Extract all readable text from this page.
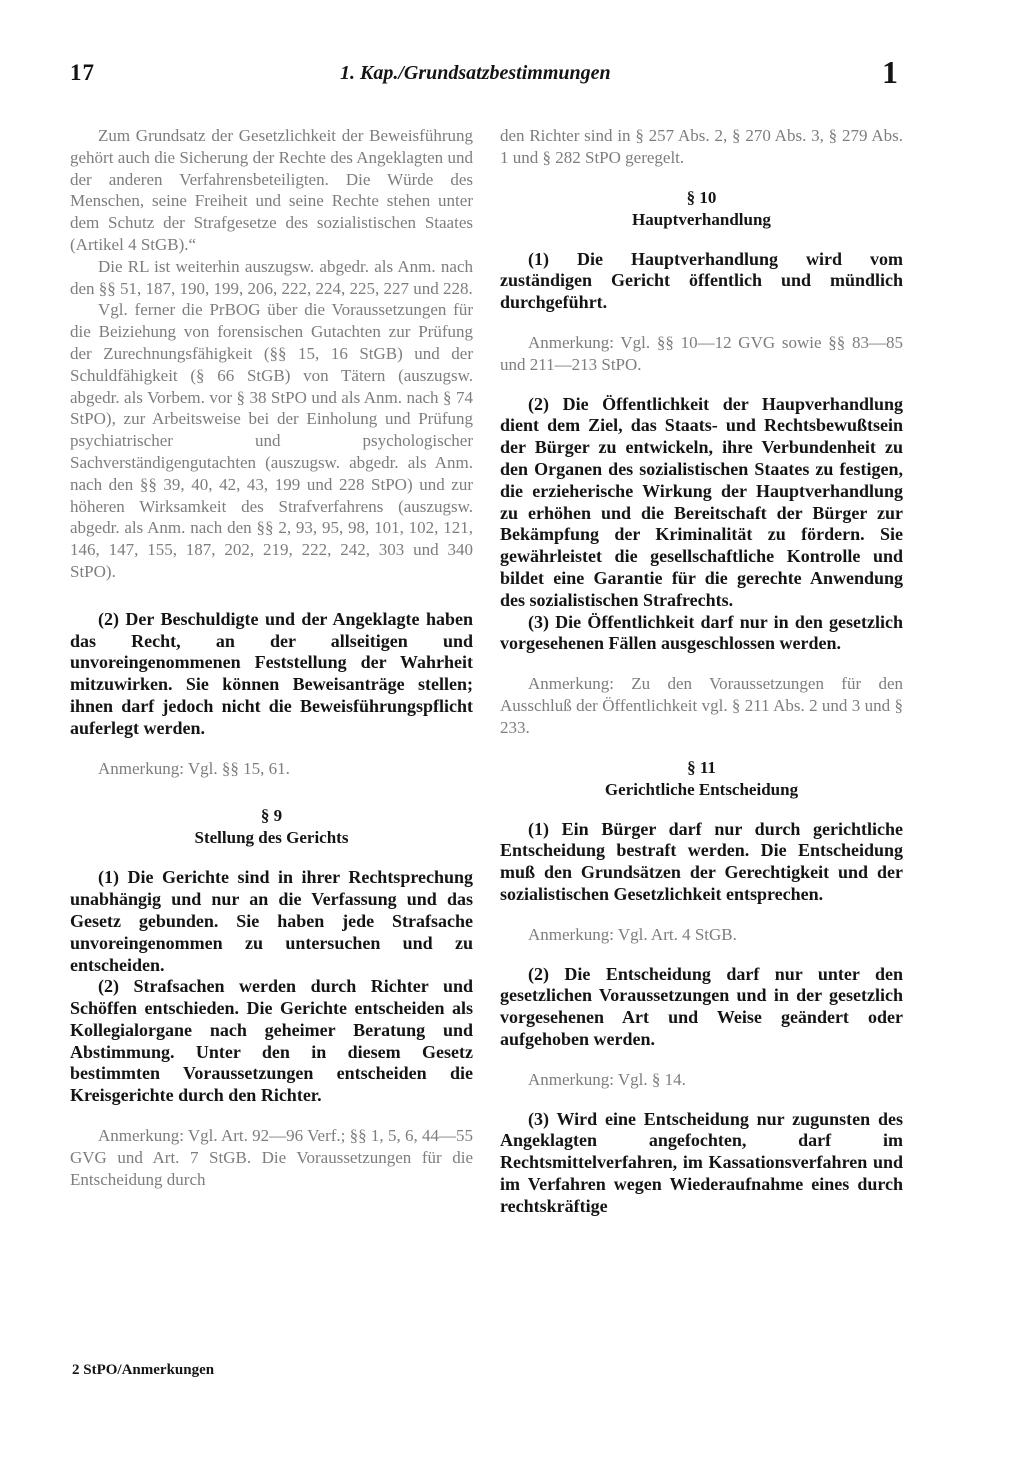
17	1. Kap./Grundsatzbestimmungen	1

Zum Grundsatz der Gesetzlichkeit der Beweisführung gehört auch die Sicherung der Rechte des Angeklagten und der anderen Verfahrensbeteiligten. Die Würde des Menschen, seine Freiheit und seine Rechte stehen unter dem Schutz der Strafgesetze des sozialistischen Staates (Artikel 4 StGB).“

Die RL ist weiterhin auszugsw. abgedr. als Anm. nach den §§ 51, 187, 190, 199, 206, 222, 224, 225, 227 und 228.

Vgl. ferner die PrBOG über die Voraussetzungen für die Beiziehung von forensischen Gutachten zur Prüfung der Zurechnungsfähigkeit (§§ 15, 16 StGB) und der Schuldfähigkeit (§ 66 StGB) von Tätern (auszugsw. abgedr. als Vorbem. vor § 38 StPO und als Anm. nach § 74 StPO), zur Arbeitsweise bei der Einholung und Prüfung psychiatrischer und psychologischer Sachverständigengutachten (auszugsw. abgedr. als Anm. nach den §§ 39, 40, 42, 43, 199 und 228 StPO) und zur höheren Wirksamkeit des Strafverfahrens (auszugsw. abgedr. als Anm. nach den §§ 2, 93, 95, 98, 101, 102, 121, 146, 147, 155, 187, 202, 219, 222, 242, 303 und 340 StPO).

(2) Der Beschuldigte und der Angeklagte haben das Recht, an der allseitigen und unvoreingenommenen Feststellung der Wahrheit mitzuwirken. Sie können Beweisanträge stellen; ihnen darf jedoch nicht die Beweisführungspflicht auferlegt werden.

Anmerkung: Vgl. §§ 15, 61.

§ 9
Stellung des Gerichts

(1) Die Gerichte sind in ihrer Rechtsprechung unabhängig und nur an die Verfassung und das Gesetz gebunden. Sie haben jede Strafsache unvoreingenommen zu untersuchen und zu entscheiden.

(2) Strafsachen werden durch Richter und Schöffen entschieden. Die Gerichte entscheiden als Kollegialorgane nach geheimer Beratung und Abstimmung. Unter den in diesem Gesetz bestimmten Voraussetzungen entscheiden die Kreisgerichte durch den Richter.

Anmerkung: Vgl. Art. 92—96 Verf.; §§ 1, 5, 6, 44—55 GVG und Art. 7 StGB. Die Voraussetzungen für die Entscheidung durch

den Richter sind in § 257 Abs. 2, § 270 Abs. 3, § 279 Abs. 1 und § 282 StPO geregelt.

§ 10
Hauptverhandlung

(1) Die Hauptverhandlung wird vom zuständigen Gericht öffentlich und mündlich durchgeführt.

Anmerkung: Vgl. §§ 10—12 GVG sowie §§ 83—85 und 211—213 StPO.

(2) Die Öffentlichkeit der Haupverhandlung dient dem Ziel, das Staats- und Rechtsbewußtsein der Bürger zu entwickeln, ihre Verbundenheit zu den Organen des sozialistischen Staates zu festigen, die erzieherische Wirkung der Hauptverhandlung zu erhöhen und die Bereitschaft der Bürger zur Bekämpfung der Kriminalität zu fördern. Sie gewährleistet die gesellschaftliche Kontrolle und bildet eine Garantie für die gerechte Anwendung des sozialistischen Strafrechts.

(3) Die Öffentlichkeit darf nur in den gesetzlich vorgesehenen Fällen ausgeschlossen werden.

Anmerkung: Zu den Voraussetzungen für den Ausschluß der Öffentlichkeit vgl. § 211 Abs. 2 und 3 und § 233.

§ 11
Gerichtliche Entscheidung

(1) Ein Bürger darf nur durch gerichtliche Entscheidung bestraft werden. Die Entscheidung muß den Grundsätzen der Gerechtigkeit und der sozialistischen Gesetzlichkeit entsprechen.

Anmerkung: Vgl. Art. 4 StGB.

(2) Die Entscheidung darf nur unter den gesetzlichen Voraussetzungen und in der gesetzlich vorgesehenen Art und Weise geändert oder aufgehoben werden.

Anmerkung: Vgl. § 14.

(3) Wird eine Entscheidung nur zugunsten des Angeklagten angefochten, darf im Rechtsmittelverfahren, im Kassationsverfahren und im Verfahren wegen Wiederaufnahme eines durch rechtskräftige

2 StPO/Anmerkungen
